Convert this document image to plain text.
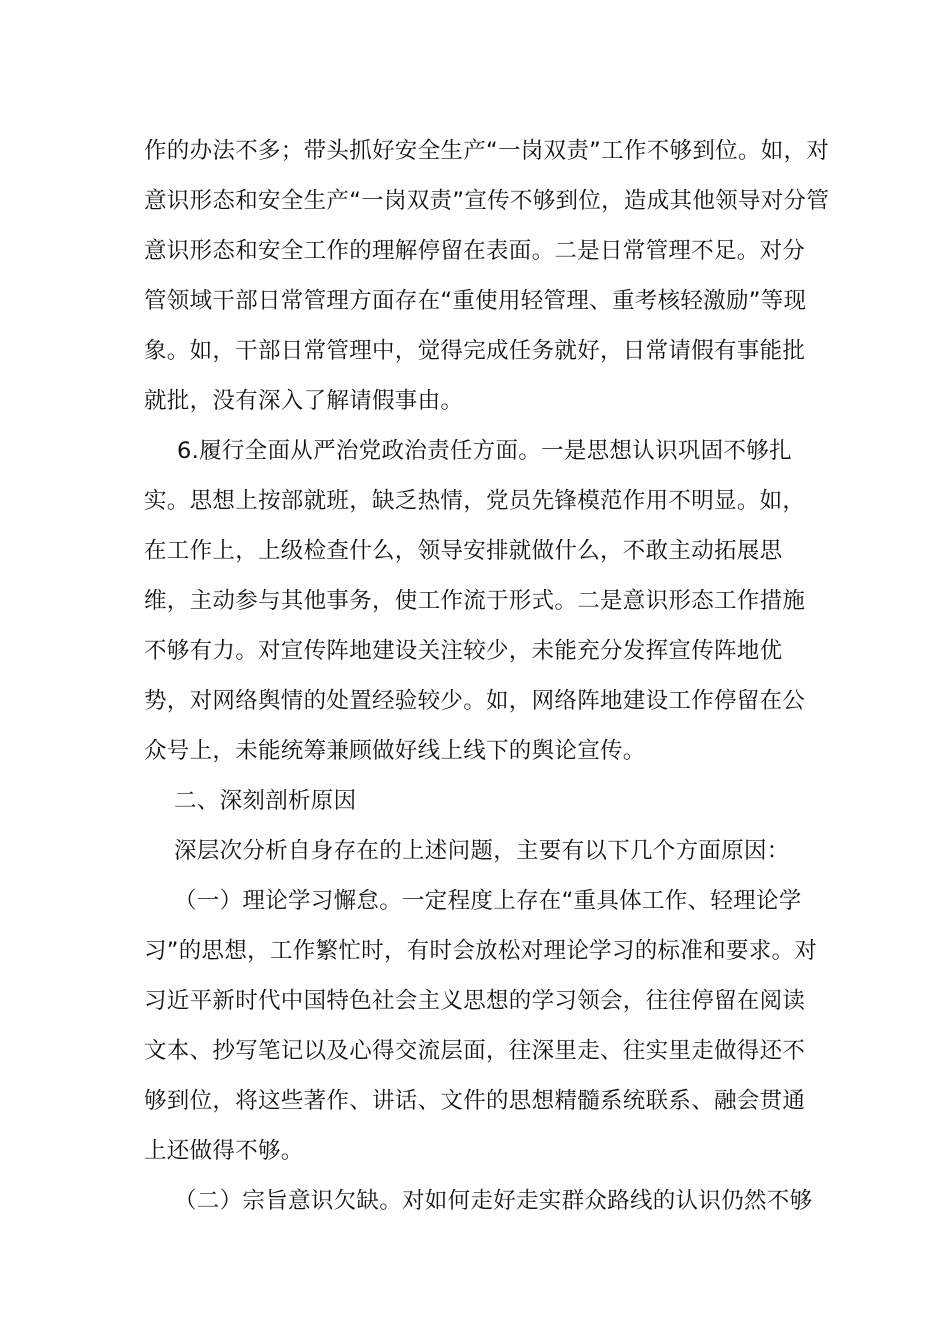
作的办法不多；带头抓好安全生产“一岗双责”工作不够到位。如，对
意识形态和安全生产“一岗双责”宣传不够到位，造成其他领导对分管
意识形态和安全工作的理解停留在表面。二是日常管理不足。对分
管领域干部日常管理方面存在“重使用轻管理、重考核轻激励”等现
象。如，干部日常管理中，觉得完成任务就好，日常请假有事能批
就批，没有深入了解请假事由。
6.履行全面从严治党政治责任方面。一是思想认识巩固不够扎
实。思想上按部就班，缺乏热情，党员先锋模范作用不明显。如，
在工作上，上级检查什么，领导安排就做什么，不敢主动拓展思
维，主动参与其他事务，使工作流于形式。二是意识形态工作措施
不够有力。对宣传阵地建设关注较少，未能充分发挥宣传阵地优
势，对网络舆情的处置经验较少。如，网络阵地建设工作停留在公
众号上，未能统筹兼顾做好线上线下的舆论宣传。
二、深刻剖析原因
深层次分析自身存在的上述问题，主要有以下几个方面原因：
（一）理论学习懈怠。一定程度上存在“重具体工作、轻理论学
习”的思想，工作繁忙时，有时会放松对理论学习的标准和要求。对
习近平新时代中国特色社会主义思想的学习领会，往往停留在阅读
文本、抄写笔记以及心得交流层面，往深里走、往实里走做得还不
够到位，将这些著作、讲话、文件的思想精髓系统联系、融会贯通
上还做得不够。
（二）宗旨意识欠缺。对如何走好走实群众路线的认识仍然不够
